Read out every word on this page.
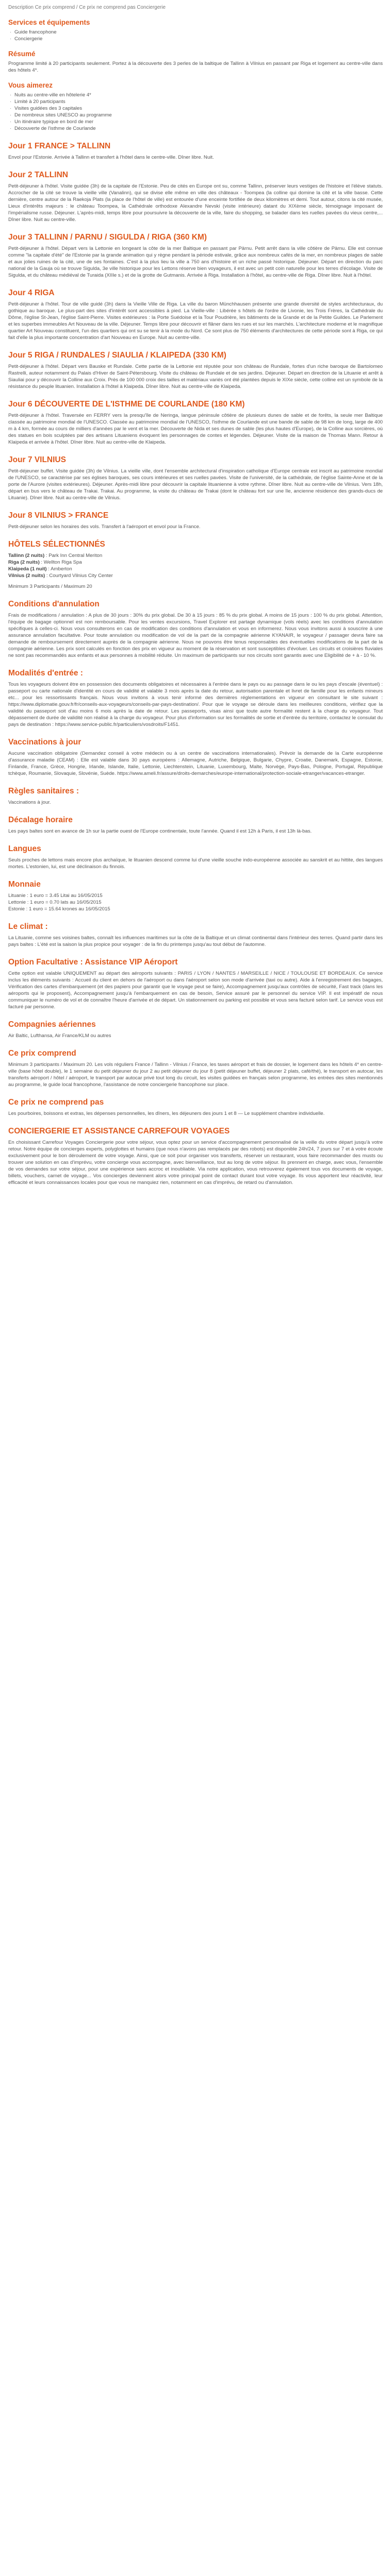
Description Ce prix comprend / Ce prix ne comprend pas Conciergerie
Services et équipements
· Guide francophone
· Conciergerie
Résumé

Programme limité à 20 participants seulement. Portez à la découverte des 3 perles de la baltique de Tallinn à Vilnius en passant par Riga et logement au centre-ville dans des hôtels 4*.

Vous aimerez
· Nuits au centre-ville en hôtelerie 4*
· Limité à 20 participants
· Visites guidées des 3 capitales
· De nombreux sites UNESCO au programme
· Un itinéraire typique en bord de mer
· Découverte de l'isthme de Courlande
Jour 1 FRANCE > TALLINN

Envol pour l'Estonie. Arrivée à Tallinn et transfert à l'hôtel dans le centre-ville. Dîner libre. Nuit.

Jour 2 TALLINN

Petit-déjeuner à l'hôtel. Visite guidée (3h) de la capitale de l'Estonie. Peu de cités en Europe ont su, comme Tallinn, préserver leurs vestiges de l'histoire et l'élève statuts. Accrocher de la cité se trouve la vieille ville (Vanalinn), qui se divise elle même en ville des châteaux - Toompea (la colline qui domine la cité et la ville basse. Cette dernière, centre autour de la Raekoja Plats (la place de l'hôtel de ville) est entourée d'une enceinte fortifiée de deux kilomètres et demi. Tout autour, citons la cité musée, Lieux d'intérêts majeurs : le château Toompea, la Cathédrale orthodoxe Alexandre Nevski (visite intérieure) datant du XIXème siècle, témoignage imposant de l'impérialisme russe. Déjeuner. L'après-midi, temps libre pour poursuivre la découverte de la ville, faire du shopping, se balader dans les ruelles pavées du vieux centre,... Dîner libre. Nuit au centre-ville.

Jour 3 TALLINN / PARNU / SIGULDA / RIGA (360 KM)

Petit-déjeuner à l'hôtel. Départ vers la Lettonie en longeant la côte de la mer Baltique en passant par Pärnu. Petit arrêt dans la ville côtière de Pärnu. Elle est connue comme "la capitale d'été" de l'Estonie par la grande animation qui y règne pendant la période estivale, grâce aux nombreux cafés de la mer, en nombreux plages de sable et aux jolies ruines de la cité, une de ses fontaines. C'est à la plus lieu la ville a 750 ans d'histoire et un riche passé historique. Déjeuner. Départ en direction du parc national de la Gauja où se trouve Sigulda, 3e ville historique pour les Lettons réserve bien voyageurs, il est avec un petit coin naturelle pour les terres d'écolage. Visite de Sigulda, et du château médiéval de Turaida (XIIIe s.) et de la grotte de Gutmanis. Arrivée à Riga. Installation à l'hôtel, au centre-ville de Riga. Dîner libre. Nuit à l'hôtel.

Jour 4 RIGA

Petit-déjeuner à l'hôtel. Tour de ville guidé (3h) dans la Vieille Ville de Riga. La ville du baron Münchhausen présente une grande diversité de styles architecturaux, du gothique au baroque. Le plus-part des sites d'intérêt sont accessibles à pied. La Vieille-ville : Libérée s hôtels de l'ordre de Livonie, les Trois Frères, la Cathédrale du Dôme, l'église St-Jean, l'église Saint-Pierre. Visites extérieures : la Porte Suédoise et la Tour Poudrière, les bâtiments de la Grande et de la Petite Guildes. Le Parlement et les superbes immeubles Art Nouveau de la ville. Déjeuner. Temps libre pour découvrir et flâner dans les rues et sur les marchés. L'architecture moderne et le magnifique quartier Art Nouveau constituent, l'un des quartiers qui ont su se tenir à la mode du Nord. Ce sont plus de 750 éléments d'architectures de cette période sont à Riga, ce qui fait d'elle la plus importante concentration d'art Nouveau en Europe. Nuit au centre-ville.

Jour 5 RIGA / RUNDALES / SIAULIA / KLAIPEDA (330 KM)

Petit-déjeuner à l'hôtel. Départ vers Bauske et Rundale. Cette partie de la Lettonie est réputée pour son château de Rundale, fortes d'un riche baroque de Bartolomeo Rastrelli, auteur notamment du Palais d'Hiver de Saint-Pétersbourg. Visite du château de Rundale et de ses jardins. Déjeuner. Départ en direction de la Lituanie et arrêt à Siauliai pour y découvrir la Colline aux Croix. Près de 100 000 croix des tailles et matériaux variés ont été plantées depuis le XIXe siècle, cette colline est un symbole de la résistance du peuple lituanien. Installation à l'hôtel à Klaipeda. Dîner libre. Nuit au centre-ville de Klaipeda.

Jour 6 DÉCOUVERTE DE L'ISTHME DE COURLANDE (180 KM)

Petit-déjeuner à l'hôtel. Traversée en FERRY vers la presqu'île de Neringa, langue péninsule côtière de plusieurs dunes de sable et de forêts, la seule mer Baltique classée au patrimoine mondial de l'UNESCO. Classée au patrimoine mondial de l'UNESCO, l'isthme de Courlande est une bande de sable de 98 km de long, large de 400 m à 4 km, formée au cours de milliers d'années par le vent et la mer. Découverte de Nida et ses dunes de sable (les plus hautes d'Europe), de la Colline aux sorcières, où des statues en bois sculptées par des artisans Lituaniens évoquent les personnages de contes et légendes. Déjeuner. Visite de la maison de Thomas Mann. Retour à Klaipeda et arrivée à l'hôtel. Dîner libre. Nuit au centre-ville de Klaipeda.

Jour 7 VILNIUS

Petit-déjeuner buffet. Visite guidée (3h) de Vilnius. La vieille ville, dont l'ensemble architectural d'inspiration catholique d'Europe centrale est inscrit au patrimoine mondial de l'UNESCO, se caractérise par ses églises baroques, ses cours intérieures et ses ruelles pavées. Visite de l'université, de la cathédrale, de l'église Sainte-Anne et de la porte de l'Aurore (visites extérieures). Déjeuner. Après-midi libre pour découvrir la capitale lituanienne à votre rythme. Dîner libre. Nuit au centre-ville de Vilnius. Vers 18h, départ en bus vers le château de Trakai. Trakai. Au programme, la visite du château de Trakai (dont le château fort sur une île, ancienne résidence des grands-ducs de Lituanie). Dîner libre. Nuit au centre-ville de Vilnius.

Jour 8 VILNIUS > FRANCE

Petit-déjeuner selon les horaires des vols. Transfert à l'aéroport et envol pour la France.

HÔTELS SÉLECTIONNÉS
Tallinn (2 nuits) : Park Inn Central Meriton
Riga (2 nuits) : Wellton Riga Spa
Klaipeda (1 nuit) : Amberton
Vilnius (2 nuits) : Courtyard Vilnius City Center

Minimum 3 Participants / Maximum 20

Conditions d'annulation

Frais de modifications / annulation : A plus de 30 jours : 30% du prix global. De 30 à 15 jours : 85 % du prix global. A moins de 15 jours : 100 % du prix global. Attention, l'équipe de bagage optionnel est non remboursable. Pour les ventes excursions, Travel Explorer est partage dynamique (vols réels) avec les conditions d'annulation spécifiques à celles-ci. Nous vous consulterons en cas de modification des conditions d'annulation et vous en informerez. Nous vous invitons aussi à souscrire à une assurance annulation facultative. Pour toute annulation ou modification de vol de la part de la compagnie aérienne KYANAIR, le voyageur / passager devra faire sa demande de remboursement directement auprès de la compagnie aérienne. Nous ne pouvons être tenus responsables des éventuelles modifications de la part de la compagnie aérienne. Les prix sont calculés en fonction des prix en vigueur au moment de la réservation et sont susceptibles d'évoluer. Les circuits et croisières fluviales ne sont pas recommandés aux enfants et aux personnes à mobilité réduite. Un maximum de participants sur nos circuits sont garantis avec une Eligibilité de + à - 10 %.

Modalités d'entrée :

Tous les voyageurs doivent être en possession des documents obligatoires et nécessaires à l'entrée dans le pays ou au passage dans le ou les pays d'escale (éventuel) : passeport ou carte nationale d'identité en cours de validité et valable 3 mois après la date du retour, autorisation parentale et livret de famille pour les enfants mineurs etc... pour les ressortissants français. Nous vous invitons à vous tenir informé des dernières réglementations en vigueur en consultant le site suivant : https://www.diplomatie.gouv.fr/fr/conseils-aux-voyageurs/conseils-par-pays-destination/. Pour que le voyage se déroule dans les meilleures conditions, vérifiez que la validité du passeport soit d'au moins 6 mois après la date de retour. Les passeports, visas ainsi que toute autre formalité restent à la charge du voyageur. Tout dépassement de durée de validité non réalisé à la charge du voyageur. Pour plus d'information sur les formalités de sortie et d'entrée du territoire, contactez le consulat du pays de destination : https://www.service-public.fr/particuliers/vosdroits/F1451.

Vaccinations à jour

Aucune vaccination obligatoire (Demandez conseil à votre médecin ou à un centre de vaccinations internationales). Prévoir la demande de la Carte européenne d'assurance maladie (CEAM) : Elle est valable dans 30 pays européens : Allemagne, Autriche, Belgique, Bulgarie, Chypre, Croatie, Danemark, Espagne, Estonie, Finlande, France, Grèce, Hongrie, Irlande, Islande, Italie, Lettonie, Liechtenstein, Lituanie, Luxembourg, Malte, Norvège, Pays-Bas, Pologne, Portugal, République tchèque, Roumanie, Slovaquie, Slovénie, Suède. https://www.ameli.fr/assure/droits-demarches/europe-international/protection-sociale-etranger/vacances-etranger.

Règles sanitaires :

Vaccinations à jour.

Décalage horaire

Les pays baltes sont en avance de 1h sur la partie ouest de l'Europe continentale, toute l'année. Quand il est 12h à Paris, il est 13h là-bas.

Langues

Seuls proches de lettons mais encore plus archaïque, le lituanien descend comme lui d'une vieille souche indo-européenne associée au sanskrit et au hittite, des langues mortes. L'estonien, lui, est une déclinaison du finnois.

Monnaie
Lituanie : 1 euro = 3.45 Litai au 16/05/2015
Lettonie : 1 euro = 0.70 lats au 16/05/2015
Estonie : 1 euro = 15.64 krones au 16/05/2015
Le climat :

La Lituanie, comme ses voisines baltes, connaît les influences maritimes sur la côte de la Baltique et un climat continental dans l'intérieur des terres. Quand partir dans les pays baltes : L'été est la saison la plus propice pour voyager : de la fin du printemps jusqu'au tout début de l'automne.

Option Facultative : Assistance VIP Aéroport

Cette option est valable UNIQUEMENT au départ des aéroports suivants : PARIS / LYON / NANTES / MARSEILLE / NICE / TOULOUSE ET BORDEAUX. Ce service inclus les éléments suivants : Accueil du client en dehors de l'aéroport ou dans l'aéroport selon son mode d'arrivée (taxi ou autre). Aide à l'enregistrement des bagages, Vérification des cartes d'embarquement (et des papiers pour garantir que le voyage peut se faire), Accompagnement jusqu'aux contrôles de sécurité, Fast track (dans les aéroports qui le proposent), Accompagnement jusqu'à l'embarquement en cas de besoin, Service assuré par le personnel du service VIP. Il est impératif de nous communiquer le numéro de vol et de connaître l'heure d'arrivée et de départ. Un stationnement ou parking est possible et vous sera facturé selon tarif. Le service vous est facturé par personne.

Compagnies aériennes

Air Baltic, Lufthansa, Air France/KLM ou autres

Ce prix comprend

Minimum 3 participants / Maximum 20. Les vols réguliers France / Tallinn - Vilnius / France, les taxes aéroport et frais de dossier, le logement dans les hôtels 4* en centre-ville (base hôtel double), le 1 semaine du petit déjeuner du jour 2 au petit déjeuner du jour 8 (petit déjeuner buffet, déjeuner 2 plats, café/thé), le transport en autocar, les transferts aéroport / hôtel / aéroport, le transport par autocar privé tout long du circuit, les visites guidées en français selon programme, les entrées des sites mentionnés au programme, le guide local francophone, l'assistance de notre conciergerie francophone sur place.

Ce prix ne comprend pas

Les pourboires, boissons et extras, les dépenses personnelles, les dîners, les déjeuners des jours 1 et 8 — Le supplément chambre individuelle.

CONCIERGERIE ET ASSISTANCE CARREFOUR VOYAGES

En choisissant Carrefour Voyages Conciergerie pour votre séjour, vous optez pour un service d'accompagnement personnalisé de la veille du votre départ jusqu'à votre retour. Notre équipe de concierges experts, polyglottes et humains (que nous n'avons pas remplacés par des robots) est disponible 24h/24, 7 jours sur 7 et à votre écoute exclusivement pour le bon déroulement de votre voyage. Ainsi, que ce soit pour organiser vos transferts, réserver un restaurant, vous faire recommander des musts ou trouver une solution en cas d'imprévu, votre concierge vous accompagne, avec bienveillance, tout au long de votre séjour. Ils prennent en charge, avec vous, l'ensemble de vos demandes sur votre séjour, pour une expérience sans accroc et inoubliable. Via notre application, vous retrouverez également tous vos documents de voyage, billets, vouchers, carnet de voyage... Vos concierges deviennent alors votre principal point de contact durant tout votre voyage. Ils vous apportent leur réactivité, leur efficacité et leurs connaissances locales pour que vous ne manquiez rien, notamment en cas d'imprévu, de retard ou d'annulation.
